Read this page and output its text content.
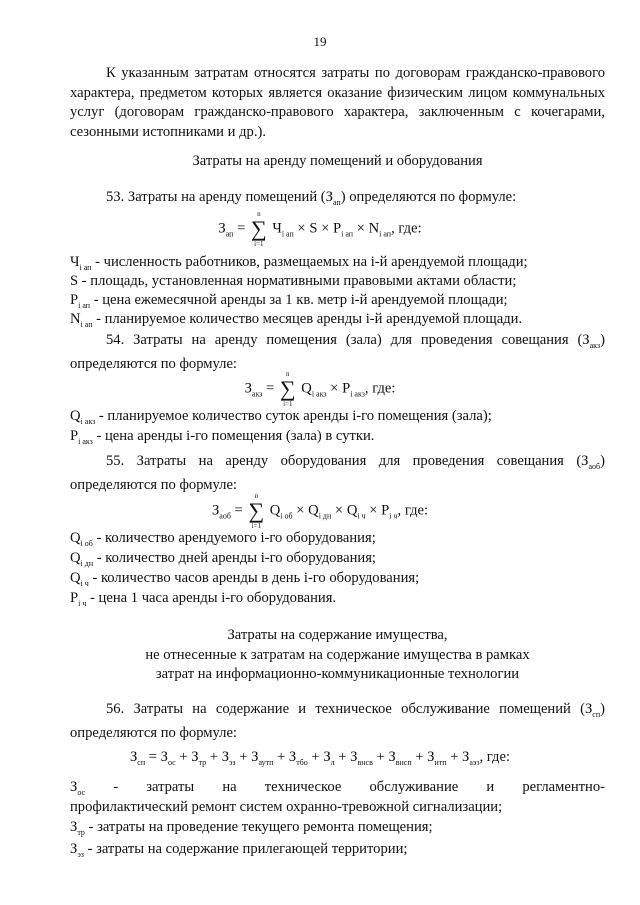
19
К указанным затратам относятся затраты по договорам гражданско-правового характера, предметом которых является оказание физическим лицом коммунальных услуг (договорам гражданско-правового характера, заключенным с кочегарами, сезонными истопниками и др.).
Затраты на аренду помещений и оборудования
53. Затраты на аренду помещений $(З_{ап})$ определяются по формуле:
$З_{ап}$ = ∑
n
i=1
$Ч_{i ап} \times S \times P_{i ап} \times N_{i ап}$, где:
$Ч_{i ап}$ - численность работников, размещаемых на i-й арендуемой площади;
S - площадь, установленная нормативными правовыми актами области;
$P_{i ап}$ - цена ежемесячной аренды за 1 кв. метр i-й арендуемой площади;
$N_{i ап}$ - планируемое количество месяцев аренды i-й арендуемой площади.
54. Затраты на аренду помещения (зала) для проведения совещания $(З_{акз})$ определяются по формуле:
$З_{акз}$ = ∑
n
i=1
$Q_{i акз} \times P_{i акз}$, где:
$Q_{i акз}$ - планируемое количество суток аренды i-го помещения (зала);
$P_{i акз}$ - цена аренды i-го помещения (зала) в сутки.
55. Затраты на аренду оборудования для проведения совещания $(З_{аоб})$ определяются по формуле:
$З_{аоб}$ = ∑
n
i=1
$Q_{i об} \times Q_{i дн} \times Q_{i ч} \times P_{i ч}$, где:
$Q_{i об}$ - количество арендуемого i-го оборудования;
$Q_{i дн}$ - количество дней аренды i-го оборудования;
$Q_{i ч}$ - количество часов аренды в день i-го оборудования;
$P_{i ч}$ - цена 1 часа аренды i-го оборудования.
Затраты на содержание имущества,
не отнесенные к затратам на содержание имущества в рамках
затрат на информационно-коммуникационные технологии
56. Затраты на содержание и техническое обслуживание помещений $(З_{сп})$ определяются по формуле:
$З_{сп} = З_{ос} + З_{тр} + З_{эз} + З_{аутп} + З_{тбо} + З_л + З_{внсв} + З_{внсп} + З_{итп} + З_{аэз}$, где:
$З_{ос}$ - затраты на техническое обслуживание и регламентно-
профилактический ремонт систем охранно-тревожной сигнализации;
$З_{тр}$ - затраты на проведение текущего ремонта помещения;
$З_{эз}$ - затраты на содержание прилегающей территории;
